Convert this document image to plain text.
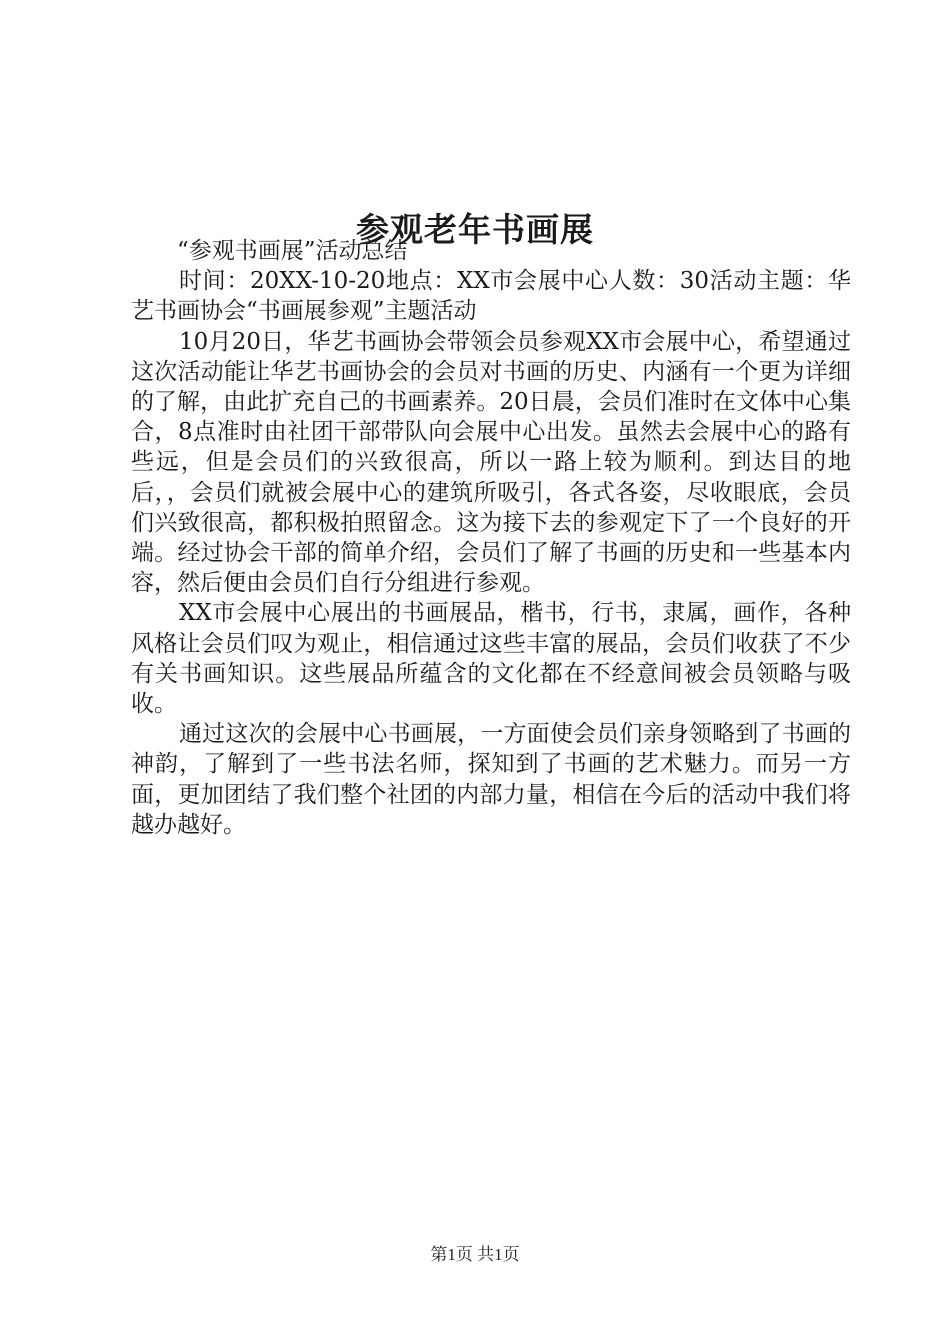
参观老年书画展

“参观书画展”活动总结

时间：20XX-10-20地点：XX市会展中心人数：30活动主题：华艺书画协会“书画展参观”主题活动

10月20日，华艺书画协会带领会员参观XX市会展中心，希望通过这次活动能让华艺书画协会的会员对书画的历史、内涵有一个更为详细的了解，由此扩充自己的书画素养。20日晨，会员们准时在文体中心集合，8点准时由社团干部带队向会展中心出发。虽然去会展中心的路有些远，但是会员们的兴致很高，所以一路上较为顺利。到达目的地后，，会员们就被会展中心的建筑所吸引，各式各姿，尽收眼底，会员们兴致很高，都积极拍照留念。这为接下去的参观定下了一个良好的开端。经过协会干部的简单介绍，会员们了解了书画的历史和一些基本内容，然后便由会员们自行分组进行参观。

XX市会展中心展出的书画展品，楷书，行书，隶属，画作，各种风格让会员们叹为观止，相信通过这些丰富的展品，会员们收获了不少有关书画知识。这些展品所蕴含的文化都在不经意间被会员领略与吸收。

通过这次的会展中心书画展，一方面使会员们亲身领略到了书画的神韵，了解到了一些书法名师，探知到了书画的艺术魅力。而另一方面，更加团结了我们整个社团的内部力量，相信在今后的活动中我们将越办越好。

第1页 共1页
